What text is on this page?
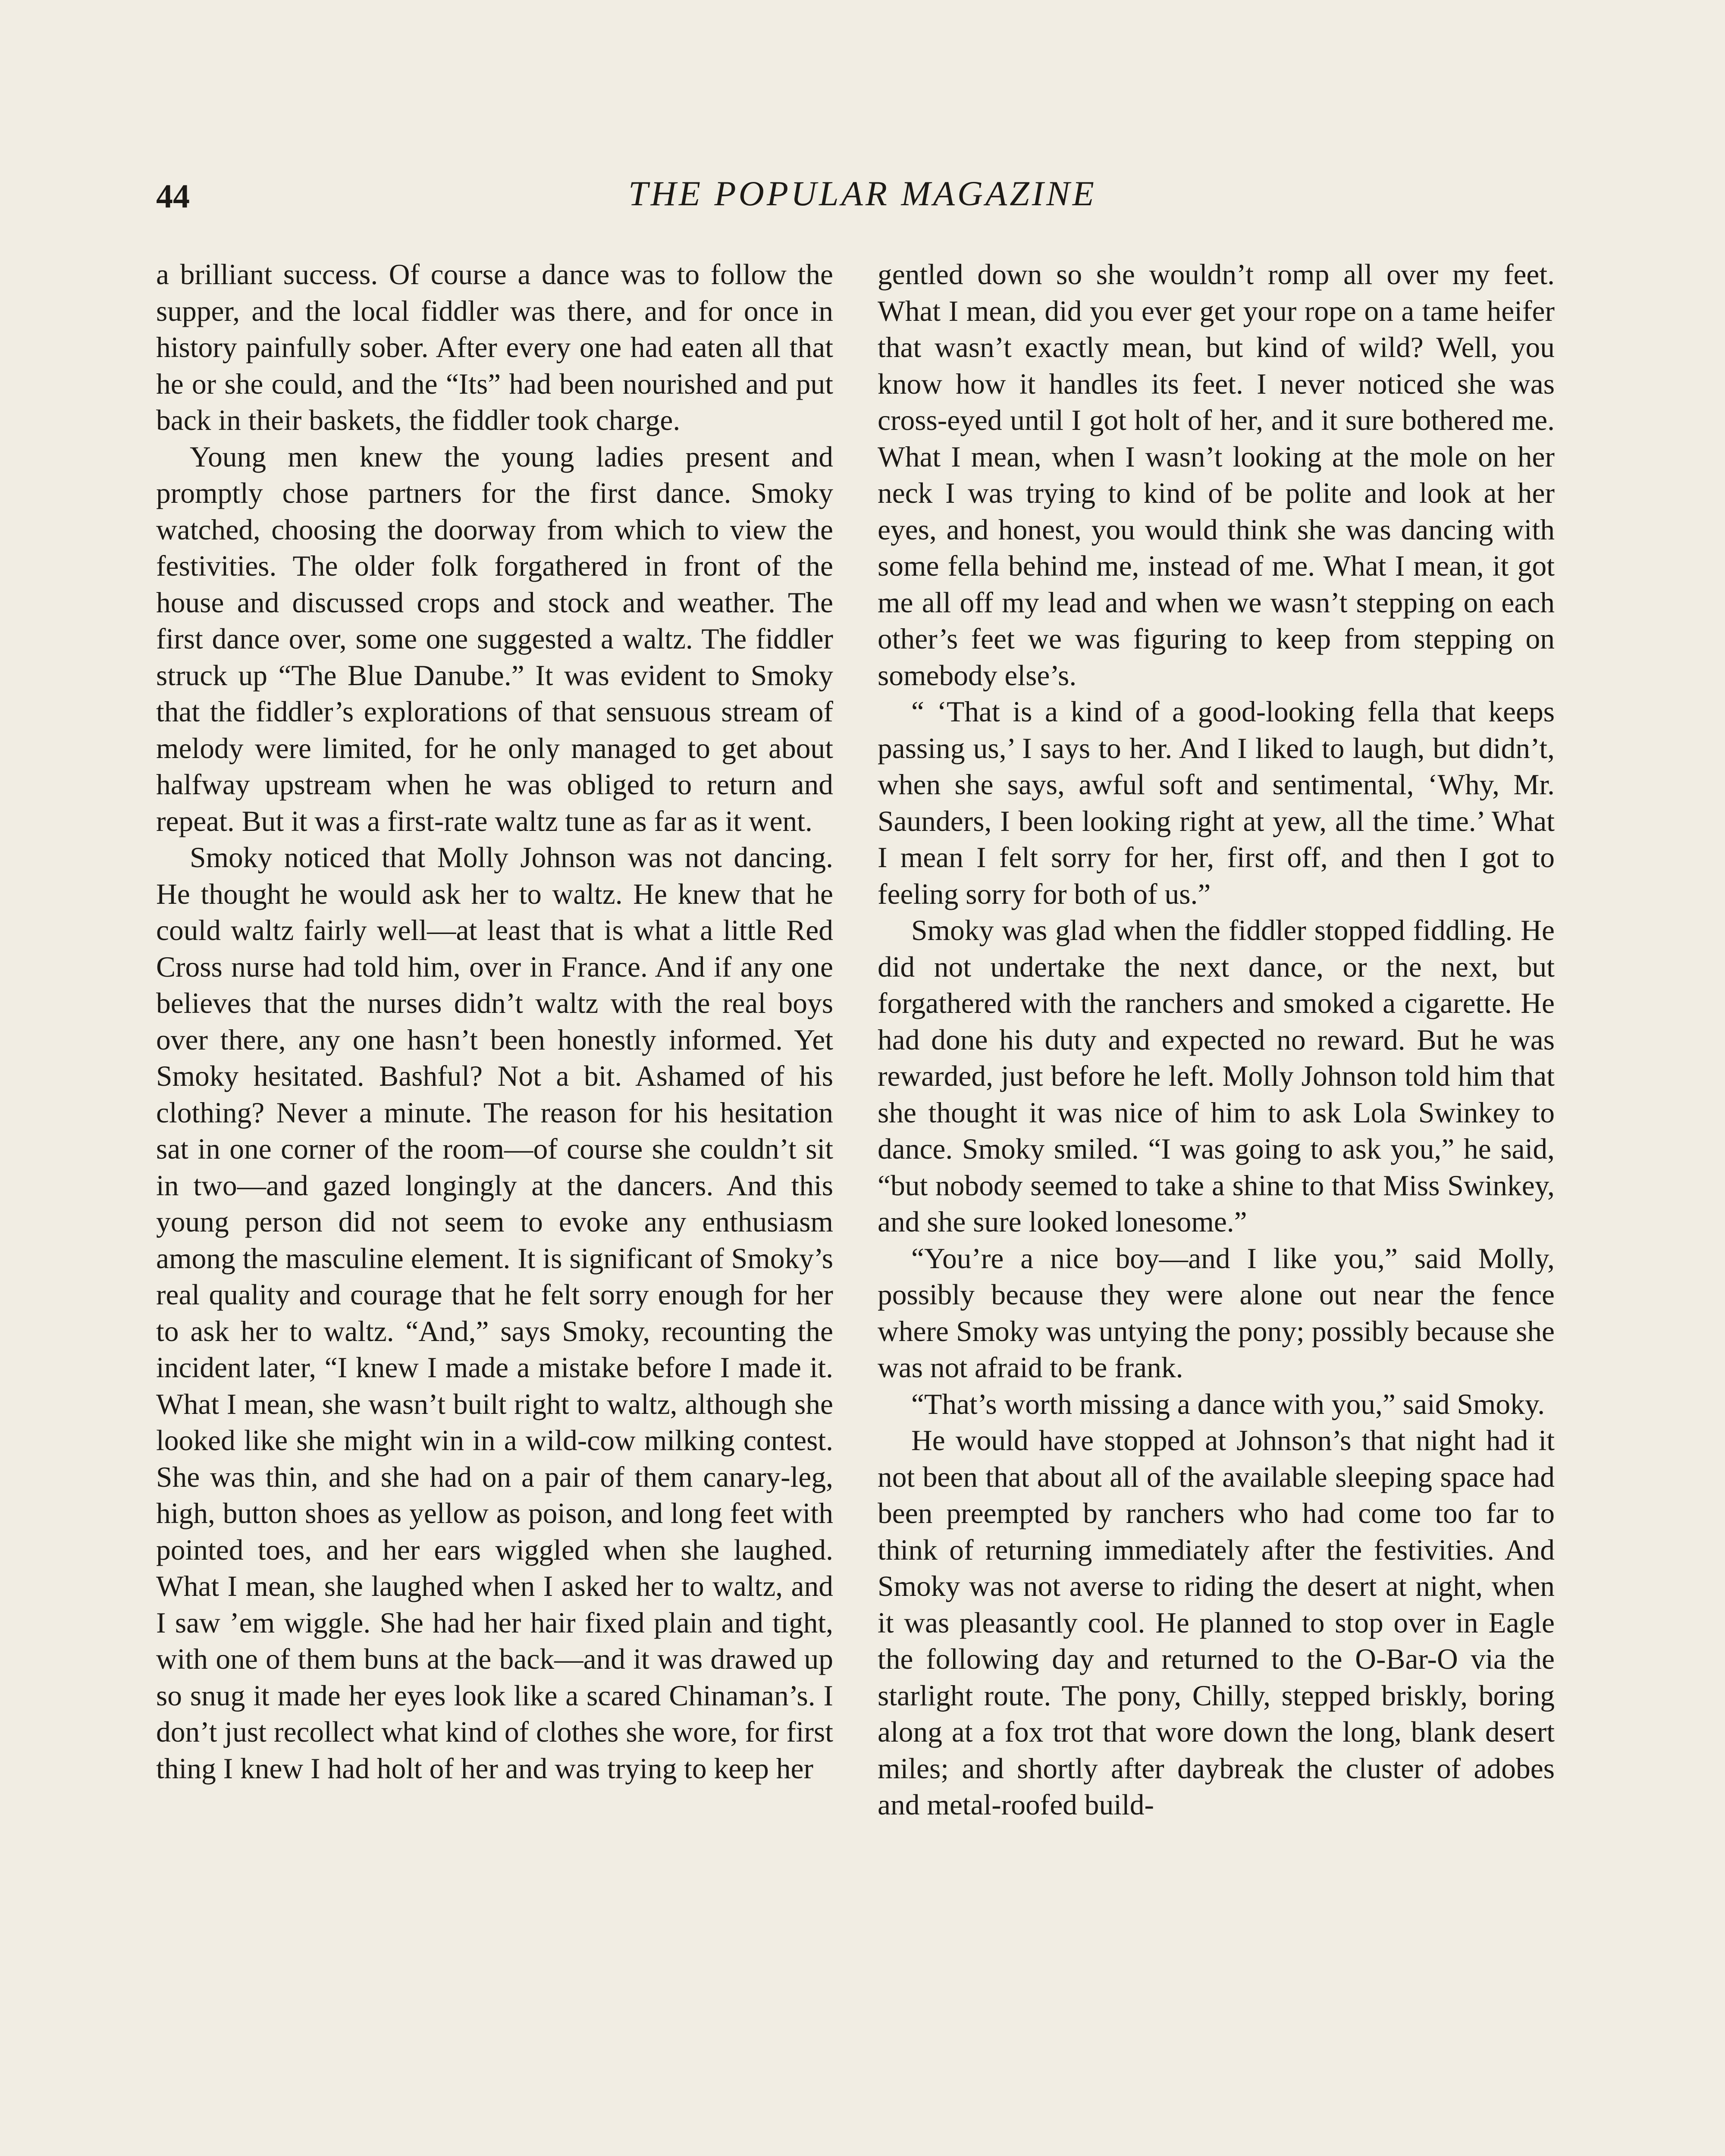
44	THE POPULAR MAGAZINE

a brilliant success. Of course a dance was to follow the supper, and the local fiddler was there, and for once in history painfully sober. After every one had eaten all that he or she could, and the “Its” had been nourished and put back in their baskets, the fiddler took charge.

Young men knew the young ladies present and promptly chose partners for the first dance. Smoky watched, choosing the doorway from which to view the festivities. The older folk forgathered in front of the house and discussed crops and stock and weather. The first dance over, some one suggested a waltz. The fiddler struck up “The Blue Danube.” It was evident to Smoky that the fiddler’s explorations of that sensuous stream of melody were limited, for he only managed to get about halfway upstream when he was obliged to return and repeat. But it was a first-rate waltz tune as far as it went.

Smoky noticed that Molly Johnson was not dancing. He thought he would ask her to waltz. He knew that he could waltz fairly well—at least that is what a little Red Cross nurse had told him, over in France. And if any one believes that the nurses didn’t waltz with the real boys over there, any one hasn’t been honestly informed. Yet Smoky hesitated. Bashful? Not a bit. Ashamed of his clothing? Never a minute. The reason for his hesitation sat in one corner of the room—of course she couldn’t sit in two—and gazed longingly at the dancers. And this young person did not seem to evoke any enthusiasm among the masculine element. It is significant of Smoky’s real quality and courage that he felt sorry enough for her to ask her to waltz. “And,” says Smoky, recounting the incident later, “I knew I made a mistake before I made it. What I mean, she wasn’t built right to waltz, although she looked like she might win in a wild-cow milking contest. She was thin, and she had on a pair of them canary-leg, high, button shoes as yellow as poison, and long feet with pointed toes, and her ears wiggled when she laughed. What I mean, she laughed when I asked her to waltz, and I saw ’em wiggle. She had her hair fixed plain and tight, with one of them buns at the back—and it was drawed up so snug it made her eyes look like a scared Chinaman’s. I don’t just recollect what kind of clothes she wore, for first thing I knew I had holt of her and was trying to keep her

gentled down so she wouldn’t romp all over my feet. What I mean, did you ever get your rope on a tame heifer that wasn’t exactly mean, but kind of wild? Well, you know how it handles its feet. I never noticed she was cross-eyed until I got holt of her, and it sure bothered me. What I mean, when I wasn’t looking at the mole on her neck I was trying to kind of be polite and look at her eyes, and honest, you would think she was dancing with some fella behind me, instead of me. What I mean, it got me all off my lead and when we wasn’t stepping on each other’s feet we was figuring to keep from stepping on somebody else’s.

“ ‘That is a kind of a good-looking fella that keeps passing us,’ I says to her. And I liked to laugh, but didn’t, when she says, awful soft and sentimental, ‘Why, Mr. Saunders, I been looking right at yew, all the time.’ What I mean I felt sorry for her, first off, and then I got to feeling sorry for both of us.”

Smoky was glad when the fiddler stopped fiddling. He did not undertake the next dance, or the next, but forgathered with the ranchers and smoked a cigarette. He had done his duty and expected no reward. But he was rewarded, just before he left. Molly Johnson told him that she thought it was nice of him to ask Lola Swinkey to dance. Smoky smiled. “I was going to ask you,” he said, “but nobody seemed to take a shine to that Miss Swinkey, and she sure looked lonesome.”

“You’re a nice boy—and I like you,” said Molly, possibly because they were alone out near the fence where Smoky was untying the pony; possibly because she was not afraid to be frank.

“That’s worth missing a dance with you,” said Smoky.

He would have stopped at Johnson’s that night had it not been that about all of the available sleeping space had been preempted by ranchers who had come too far to think of returning immediately after the festivities. And Smoky was not averse to riding the desert at night, when it was pleasantly cool. He planned to stop over in Eagle the following day and returned to the O-Bar-O via the starlight route. The pony, Chilly, stepped briskly, boring along at a fox trot that wore down the long, blank desert miles; and shortly after daybreak the cluster of adobes and metal-roofed build-
